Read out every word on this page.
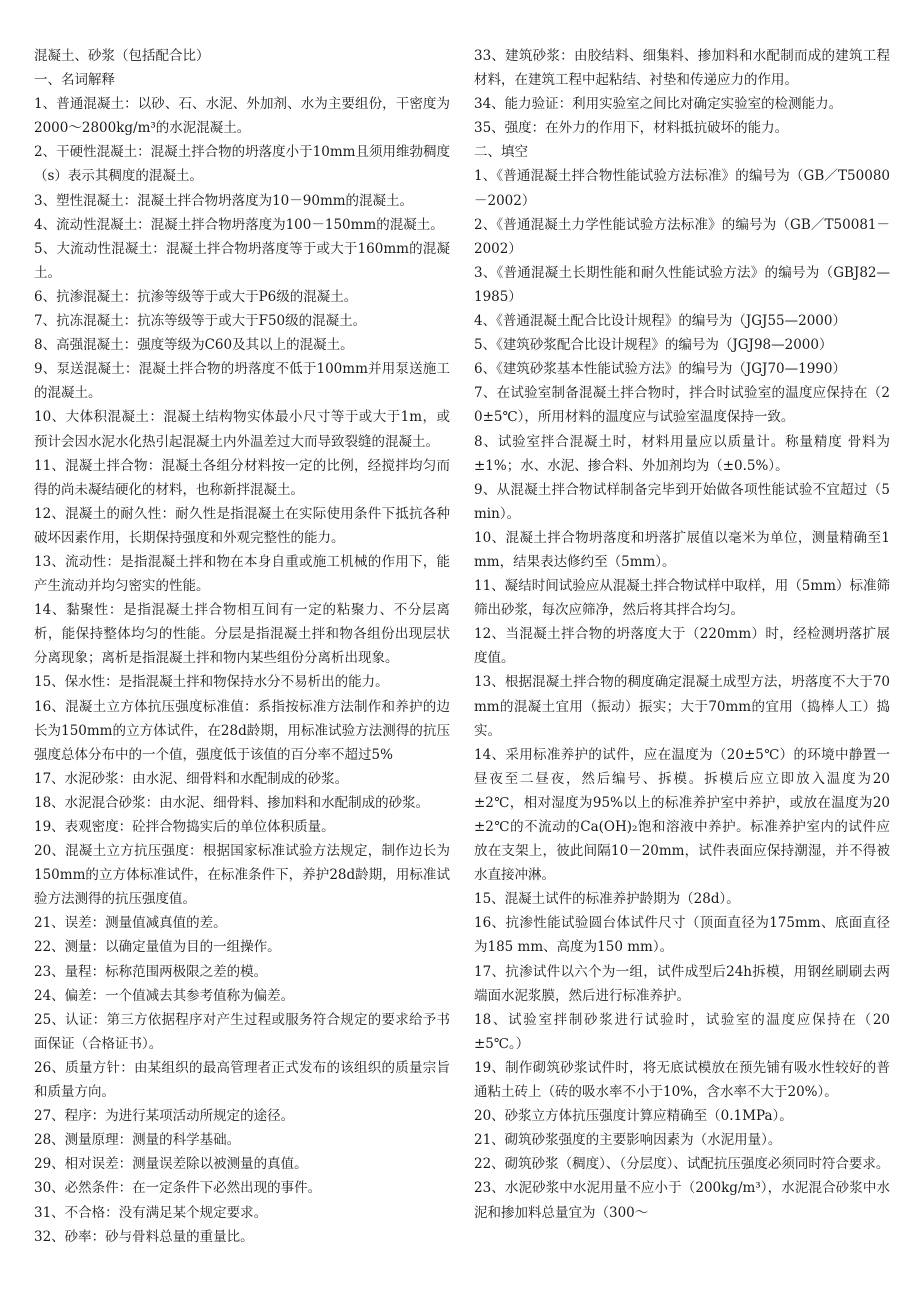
混凝土、砂浆（包括配合比）

一、名词解释

1、普通混凝土：以砂、石、水泥、外加剂、水为主要组份，干密度为2000～2800kg/m³的水泥混凝土。

2、干硬性混凝土：混凝土拌合物的坍落度小于10mm且须用维勃稠度（s）表示其稠度的混凝土。

3、塑性混凝土：混凝土拌合物坍落度为10－90mm的混凝土。

4、流动性混凝土：混凝土拌合物坍落度为100－150mm的混凝土。

5、大流动性混凝土：混凝土拌合物坍落度等于或大于160mm的混凝土。

6、抗渗混凝土：抗渗等级等于或大于P6级的混凝土。

7、抗冻混凝土：抗冻等级等于或大于F50级的混凝土。

8、高强混凝土：强度等级为C60及其以上的混凝土。

9、泵送混凝土：混凝土拌合物的坍落度不低于100mm并用泵送施工的混凝土。

10、大体积混凝土：混凝土结构物实体最小尺寸等于或大于1m，或预计会因水泥水化热引起混凝土内外温差过大而导致裂缝的混凝土。

11、混凝土拌合物：混凝土各组分材料按一定的比例，经搅拌均匀而得的尚未凝结硬化的材料，也称新拌混凝土。

12、混凝土的耐久性：耐久性是指混凝土在实际使用条件下抵抗各种破坏因素作用，长期保持强度和外观完整性的能力。

13、流动性：是指混凝土拌和物在本身自重或施工机械的作用下，能产生流动并均匀密实的性能。

14、黏聚性：是指混凝土拌合物相互间有一定的粘聚力、不分层离析，能保持整体均匀的性能。分层是指混凝土拌和物各组份出现层状分离现象；离析是指混凝土拌和物内某些组份分离析出现象。

15、保水性：是指混凝土拌和物保持水分不易析出的能力。

16、混凝土立方体抗压强度标准值：系指按标准方法制作和养护的边长为150mm的立方体试件，在28d龄期，用标准试验方法测得的抗压强度总体分布中的一个值，强度低于该值的百分率不超过5%

17、水泥砂浆：由水泥、细骨料和水配制成的砂浆。

18、水泥混合砂浆：由水泥、细骨料、掺加料和水配制成的砂浆。

19、表观密度：砼拌合物捣实后的单位体积质量。

20、混凝土立方抗压强度：根据国家标准试验方法规定，制作边长为150mm的立方体标准试件，在标准条件下，养护28d龄期，用标准试验方法测得的抗压强度值。

21、误差：测量值减真值的差。

22、测量：以确定量值为目的一组操作。

23、量程：标称范围两极限之差的模。

24、偏差：一个值减去其参考值称为偏差。

25、认证：第三方依据程序对产生过程或服务符合规定的要求给予书面保证（合格证书）。

26、质量方针：由某组织的最高管理者正式发布的该组织的质量宗旨和质量方向。

27、程序：为进行某项活动所规定的途径。

28、测量原理：测量的科学基础。

29、相对误差：测量误差除以被测量的真值。

30、必然条件：在一定条件下必然出现的事件。

31、不合格：没有满足某个规定要求。

32、砂率：砂与骨料总量的重量比。

33、建筑砂浆：由胶结料、细集料、掺加料和水配制而成的建筑工程材料，在建筑工程中起粘结、衬垫和传递应力的作用。

34、能力验证：利用实验室之间比对确定实验室的检测能力。

35、强度：在外力的作用下，材料抵抗破坏的能力。

二、填空

1、《普通混凝土拌合物性能试验方法标准》的编号为（GB／T50080－2002）

2、《普通混凝土力学性能试验方法标准》的编号为（GB／T50081－2002）

3、《普通混凝土长期性能和耐久性能试验方法》的编号为（GBJ82—1985）

4、《普通混凝土配合比设计规程》的编号为（JGJ55—2000）

5、《建筑砂浆配合比设计规程》的编号为（JGJ98—2000）

6、《建筑砂浆基本性能试验方法》的编号为（JGJ70—1990）

7、在试验室制备混凝土拌合物时，拌合时试验室的温度应保持在（20±5℃），所用材料的温度应与试验室温度保持一致。

8、试验室拌合混凝土时，材料用量应以质量计。称量精度 骨料为±1%；水、水泥、掺合料、外加剂均为（±0.5%）。

9、从混凝土拌合物试样制备完毕到开始做各项性能试验不宜超过（5min）。

10、混凝土拌合物坍落度和坍落扩展值以毫米为单位，测量精确至1mm，结果表达修约至（5mm）。

11、凝结时间试验应从混凝土拌合物试样中取样，用（5mm）标准筛筛出砂浆，每次应筛净，然后将其拌合均匀。

12、当混凝土拌合物的坍落度大于（220mm）时，经检测坍落扩展度值。

13、根据混凝土拌合物的稠度确定混凝土成型方法，坍落度不大于70mm的混凝土宜用（振动）振实；大于70mm的宜用（捣棒人工）捣实。

14、采用标准养护的试件，应在温度为（20±5℃）的环境中静置一昼夜至二昼夜，然后编号、拆模。拆模后应立即放入温度为20±2℃，相对湿度为95%以上的标准养护室中养护，或放在温度为20±2℃的不流动的Ca(OH)₂饱和溶液中养护。标准养护室内的试件应放在支架上，彼此间隔10－20mm，试件表面应保持潮湿，并不得被水直接冲淋。

15、混凝土试件的标准养护龄期为（28d）。

16、抗渗性能试验圆台体试件尺寸（顶面直径为175mm、底面直径为185 mm、高度为150 mm）。

17、抗渗试件以六个为一组，试件成型后24h拆模，用钢丝刷刷去两端面水泥浆膜，然后进行标准养护。

18、试验室拌制砂浆进行试验时，试验室的温度应保持在（20±5℃。）

19、制作砌筑砂浆试件时，将无底试模放在预先铺有吸水性较好的普通粘土砖上（砖的吸水率不小于10%，含水率不大于20%）。

20、砂浆立方体抗压强度计算应精确至（0.1MPa）。

21、砌筑砂浆强度的主要影响因素为（水泥用量）。

22、砌筑砂浆（稠度）、（分层度）、试配抗压强度必须同时符合要求。

23、水泥砂浆中水泥用量不应小于（200kg/m³），水泥混合砂浆中水泥和掺加料总量宜为（300～
